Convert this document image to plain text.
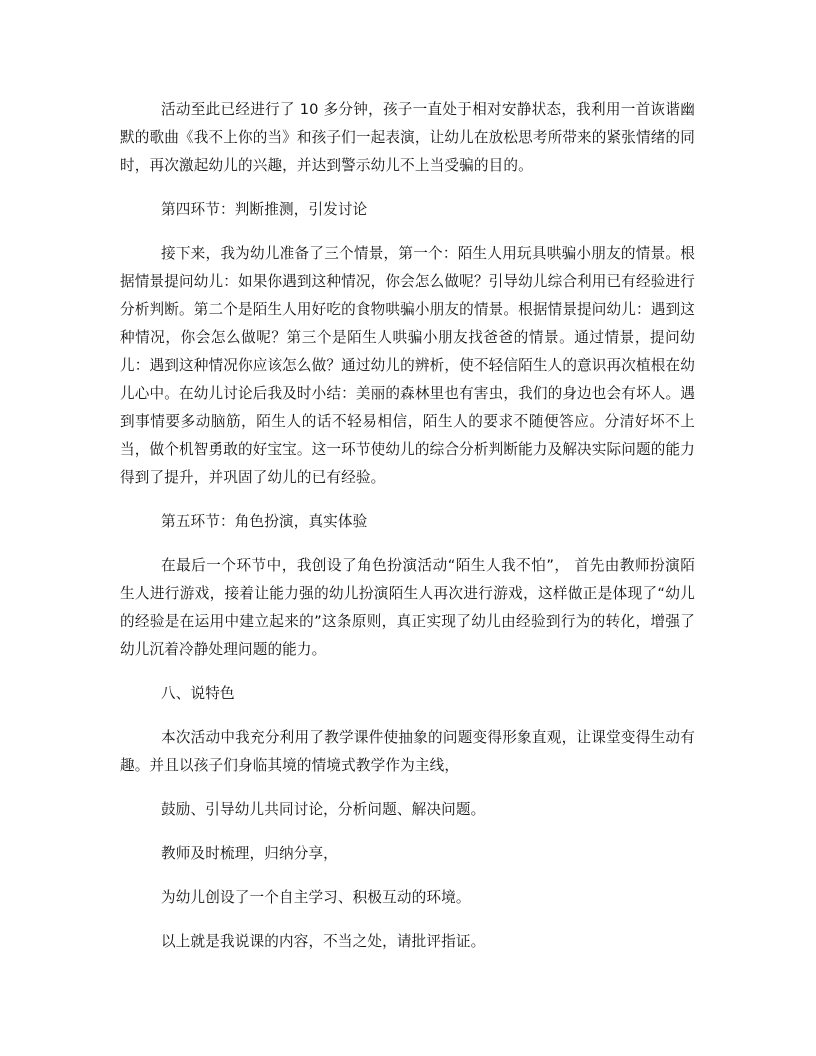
活动至此已经进行了 10 多分钟，孩子一直处于相对安静状态，我利用一首诙谐幽默的歌曲《我不上你的当》和孩子们一起表演，让幼儿在放松思考所带来的紧张情绪的同时，再次激起幼儿的兴趣，并达到警示幼儿不上当受骗的目的。

第四环节：判断推测，引发讨论

接下来，我为幼儿准备了三个情景，第一个：陌生人用玩具哄骗小朋友的情景。根据情景提问幼儿：如果你遇到这种情况，你会怎么做呢？引导幼儿综合利用已有经验进行分析判断。第二个是陌生人用好吃的食物哄骗小朋友的情景。根据情景提问幼儿：遇到这种情况，你会怎么做呢？第三个是陌生人哄骗小朋友找爸爸的情景。通过情景，提问幼儿：遇到这种情况你应该怎么做？通过幼儿的辨析，使不轻信陌生人的意识再次植根在幼儿心中。在幼儿讨论后我及时小结：美丽的森林里也有害虫，我们的身边也会有坏人。遇到事情要多动脑筋，陌生人的话不轻易相信，陌生人的要求不随便答应。分清好坏不上当，做个机智勇敢的好宝宝。这一环节使幼儿的综合分析判断能力及解决实际问题的能力得到了提升，并巩固了幼儿的已有经验。

第五环节：角色扮演，真实体验

在最后一个环节中，我创设了角色扮演活动“陌生人我不怕”， 首先由教师扮演陌生人进行游戏，接着让能力强的幼儿扮演陌生人再次进行游戏，这样做正是体现了“幼儿的经验是在运用中建立起来的”这条原则，真正实现了幼儿由经验到行为的转化，增强了幼儿沉着冷静处理问题的能力。

八、说特色

本次活动中我充分利用了教学课件使抽象的问题变得形象直观，让课堂变得生动有趣。并且以孩子们身临其境的情境式教学作为主线，

鼓励、引导幼儿共同讨论，分析问题、解决问题。

教师及时梳理，归纳分享，

为幼儿创设了一个自主学习、积极互动的环境。

以上就是我说课的内容，不当之处，请批评指证。
